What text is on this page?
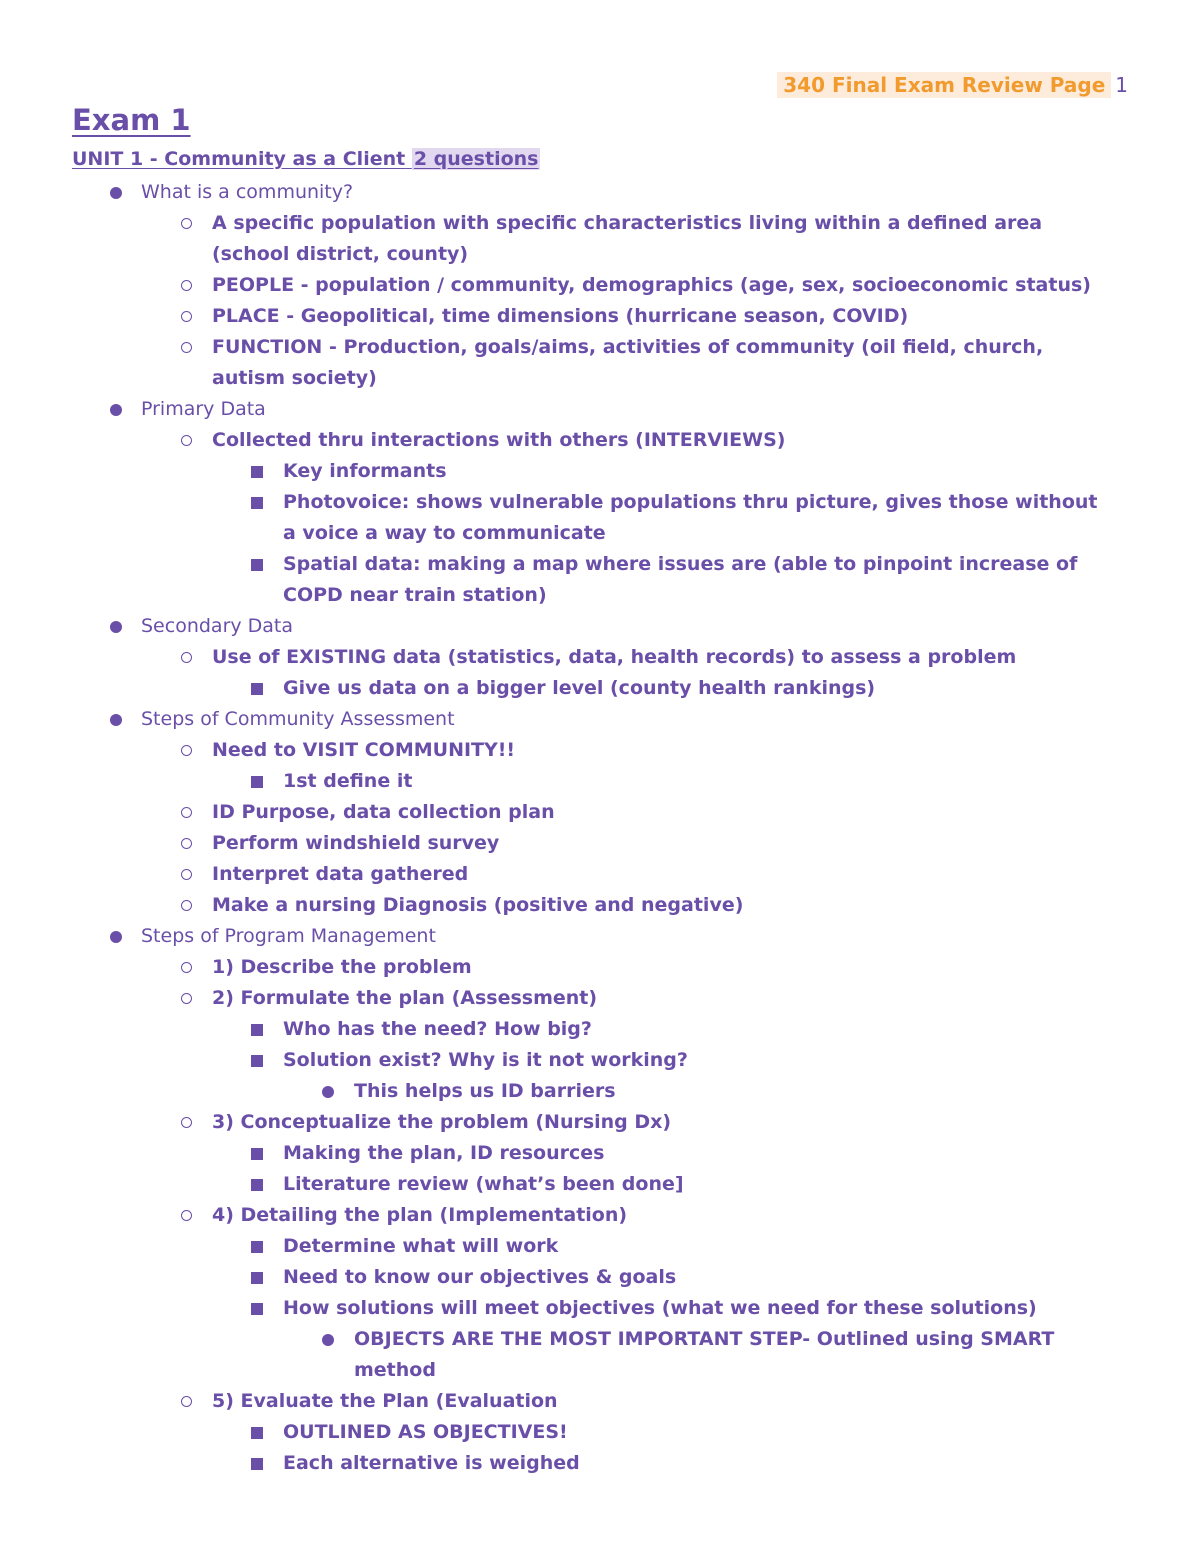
340 Final Exam Review Page 1
Exam 1
UNIT 1 - Community as a Client 2 questions
What is a community?
A specific population with specific characteristics living within a defined area
(school district, county)
PEOPLE - population / community, demographics (age, sex, socioeconomic status)
PLACE - Geopolitical, time dimensions (hurricane season, COVID)
FUNCTION - Production, goals/aims, activities of community (oil field, church,
autism society)
Primary Data
Collected thru interactions with others (INTERVIEWS)
Key informants
Photovoice: shows vulnerable populations thru picture, gives those without
a voice a way to communicate
Spatial data: making a map where issues are (able to pinpoint increase of
COPD near train station)
Secondary Data
Use of EXISTING data (statistics, data, health records) to assess a problem
Give us data on a bigger level (county health rankings)
Steps of Community Assessment
Need to VISIT COMMUNITY!!
1st define it
ID Purpose, data collection plan
Perform windshield survey
Interpret data gathered
Make a nursing Diagnosis (positive and negative)
Steps of Program Management
1) Describe the problem
2) Formulate the plan (Assessment)
Who has the need? How big?
Solution exist? Why is it not working?
This helps us ID barriers
3) Conceptualize the problem (Nursing Dx)
Making the plan, ID resources
Literature review (what’s been done]
4) Detailing the plan (Implementation)
Determine what will work
Need to know our objectives & goals
How solutions will meet objectives (what we need for these solutions)
OBJECTS ARE THE MOST IMPORTANT STEP- Outlined using SMART
method
5) Evaluate the Plan (Evaluation
OUTLINED AS OBJECTIVES!
Each alternative is weighed
